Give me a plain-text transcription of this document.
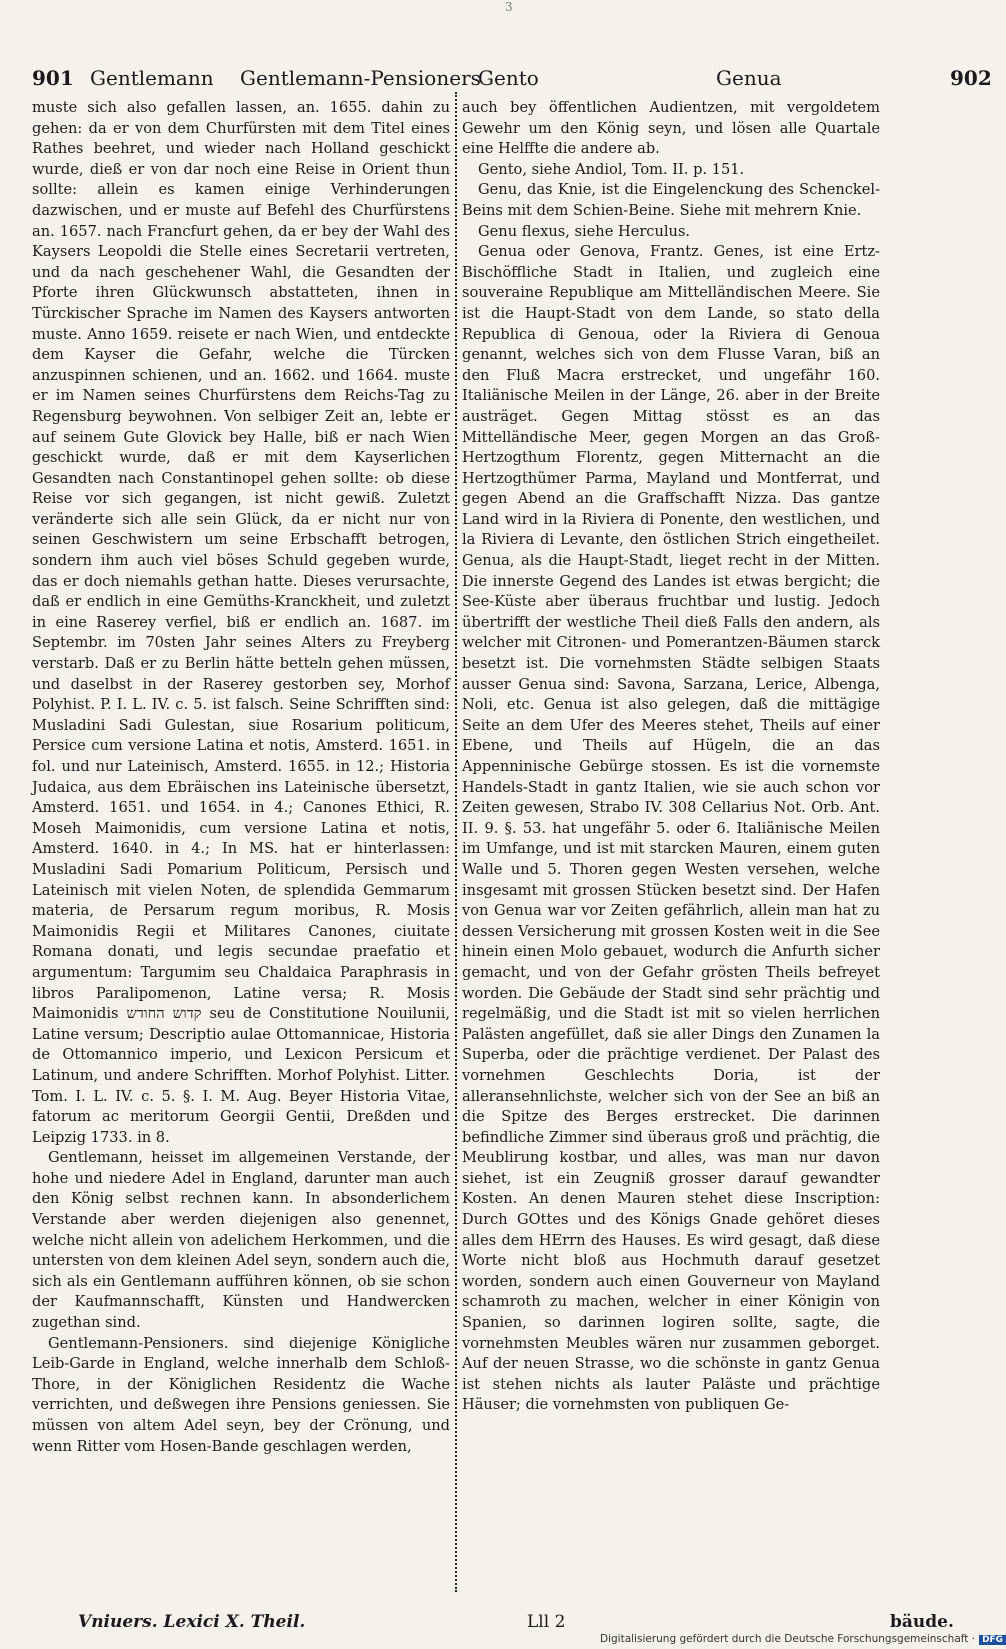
3
901 Gentlemann Gentlemann-Pensioners
Gento	Genua	902

muste sich also gefallen lassen, an. 1655. dahin zu gehen: da er von dem Churfürsten mit dem Titel eines Rathes beehret, und wieder nach Holland geschickt wurde, dieß er von dar noch eine Reise in Orient thun sollte: allein es kamen einige Verhinderungen dazwischen, und er muste auf Befehl des Churfürstens an. 1657. nach Francfurt gehen, da er bey der Wahl des Kaysers Leopoldi die Stelle eines Secretarii vertreten, und da nach geschehener Wahl, die Gesandten der Pforte ihren Glückwunsch abstatteten, ihnen in Türckischer Sprache im Namen des Kaysers antworten muste. Anno 1659. reisete er nach Wien, und entdeckte dem Kayser die Gefahr, welche die Türcken anzuspinnen schienen, und an. 1662. und 1664. muste er im Namen seines Churfürstens dem Reichs-Tag zu Regensburg beywohnen. Von selbiger Zeit an, lebte er auf seinem Gute Glovick bey Halle, biß er nach Wien geschickt wurde, daß er mit dem Kayserlichen Gesandten nach Constantinopel gehen sollte: ob diese Reise vor sich gegangen, ist nicht gewiß. Zuletzt veränderte sich alle sein Glück, da er nicht nur von seinen Geschwistern um seine Erbschafft betrogen, sondern ihm auch viel böses Schuld gegeben wurde, das er doch niemahls gethan hatte. Dieses verursachte, daß er endlich in eine Gemüths-Kranckheit, und zuletzt in eine Raserey verfiel, biß er endlich an. 1687. im Septembr. im 70sten Jahr seines Alters zu Freyberg verstarb. Daß er zu Berlin hätte betteln gehen müssen, und daselbst in der Raserey gestorben sey, Morhof Polyhist. P. I. L. IV. c. 5. ist falsch. Seine Schrifften sind: Musladini Sadi Gulestan, siue Rosarium politicum, Persice cum versione Latina et notis, Amsterd. 1651. in fol. und nur Lateinisch, Amsterd. 1655. in 12.; Historia Judaica, aus dem Ebräischen ins Lateinische übersetzt, Amsterd. 1651. und 1654. in 4.; Canones Ethici, R. Moseh Maimonidis, cum versione Latina et notis, Amsterd. 1640. in 4.; In MS. hat er hinterlassen: Musladini Sadi Pomarium Politicum, Persisch und Lateinisch mit vielen Noten, de splendida Gemmarum materia, de Persarum regum moribus, R. Mosis Maimonidis Regii et Militares Canones, ciuitate Romana donati, und legis secundae praefatio et argumentum: Targumim seu Chaldaica Paraphrasis in libros Paralipomenon, Latine versa; R. Mosis Maimonidis קדוש החודש seu de Constitutione Nouilunii, Latine versum; Descriptio aulae Ottomannicae, Historia de Ottomannico imperio, und Lexicon Persicum et Latinum, und andere Schrifften. Morhof Polyhist. Litter. Tom. I. L. IV. c. 5. §. I. M. Aug. Beyer Historia Vitae, fatorum ac meritorum Georgii Gentii, Dreßden und Leipzig 1733. in 8.

Gentlemann, heisset im allgemeinen Verstande, der hohe und niedere Adel in England, darunter man auch den König selbst rechnen kann. In absonderlichem Verstande aber werden diejenigen also genennet, welche nicht allein von adelichem Herkommen, und die untersten von dem kleinen Adel seyn, sondern auch die, sich als ein Gentlemann aufführen können, ob sie schon der Kaufmannschafft, Künsten und Handwercken zugethan sind.

Gentlemann-Pensioners. sind diejenige Königliche Leib-Garde in England, welche innerhalb dem Schloß-Thore, in der Königlichen Residentz die Wache verrichten, und deßwegen ihre Pensions geniessen. Sie müssen von altem Adel seyn, bey der Crönung, und wenn Ritter vom Hosen-Bande geschlagen werden,

auch bey öffentlichen Audientzen, mit vergoldetem Gewehr um den König seyn, und lösen alle Quartale eine Helffte die andere ab.

Gento, siehe Andiol, Tom. II. p. 151.

Genu, das Knie, ist die Eingelenckung des Schenckel-Beins mit dem Schien-Beine. Siehe mit mehrern Knie.

Genu flexus, siehe Herculus.

Genua oder Genova, Frantz. Genes, ist eine Ertz-Bischöffliche Stadt in Italien, und zugleich eine souveraine Republique am Mittelländischen Meere. Sie ist die Haupt-Stadt von dem Lande, so stato della Republica di Genoua, oder la Riviera di Genoua genannt, welches sich von dem Flusse Varan, biß an den Fluß Macra erstrecket, und ungefähr 160. Italiänische Meilen in der Länge, 26. aber in der Breite austräget. Gegen Mittag stösst es an das Mittelländische Meer, gegen Morgen an das Groß-Hertzogthum Florentz, gegen Mitternacht an die Hertzogthümer Parma, Mayland und Montferrat, und gegen Abend an die Graffschafft Nizza. Das gantze Land wird in la Riviera di Ponente, den westlichen, und la Riviera di Levante, den östlichen Strich eingetheilet. Genua, als die Haupt-Stadt, lieget recht in der Mitten. Die innerste Gegend des Landes ist etwas bergicht; die See-Küste aber überaus fruchtbar und lustig. Jedoch übertrifft der westliche Theil dieß Falls den andern, als welcher mit Citronen- und Pomerantzen-Bäumen starck besetzt ist. Die vornehmsten Städte selbigen Staats ausser Genua sind: Savona, Sarzana, Lerice, Albenga, Noli, etc. Genua ist also gelegen, daß die mittägige Seite an dem Ufer des Meeres stehet, Theils auf einer Ebene, und Theils auf Hügeln, die an das Appenninische Gebürge stossen. Es ist die vornemste Handels-Stadt in gantz Italien, wie sie auch schon vor Zeiten gewesen, Strabo IV. 308 Cellarius Not. Orb. Ant. II. 9. §. 53. hat ungefähr 5. oder 6. Italiänische Meilen im Umfange, und ist mit starcken Mauren, einem guten Walle und 5. Thoren gegen Westen versehen, welche insgesamt mit grossen Stücken besetzt sind. Der Hafen von Genua war vor Zeiten gefährlich, allein man hat zu dessen Versicherung mit grossen Kosten weit in die See hinein einen Molo gebauet, wodurch die Anfurth sicher gemacht, und von der Gefahr grösten Theils befreyet worden. Die Gebäude der Stadt sind sehr prächtig und regelmäßig, und die Stadt ist mit so vielen herrlichen Palästen angefüllet, daß sie aller Dings den Zunamen la Superba, oder die prächtige verdienet. Der Palast des vornehmen Geschlechts Doria, ist der alleransehnlichste, welcher sich von der See an biß an die Spitze des Berges erstrecket. Die darinnen befindliche Zimmer sind überaus groß und prächtig, die Meublirung kostbar, und alles, was man nur davon siehet, ist ein Zeugniß grosser darauf gewandter Kosten. An denen Mauren stehet diese Inscription: Durch GOttes und des Königs Gnade gehöret dieses alles dem HErrn des Hauses. Es wird gesagt, daß diese Worte nicht bloß aus Hochmuth darauf gesetzet worden, sondern auch einen Gouverneur von Mayland schamroth zu machen, welcher in einer Königin von Spanien, so darinnen logiren sollte, sagte, die vornehmsten Meubles wären nur zusammen geborget. Auf der neuen Strasse, wo die schönste in gantz Genua ist stehen nichts als lauter Paläste und prächtige Häuser; die vornehmsten von publiquen Ge-

Vniuers. Lexici X. Theil.	Lll 2	bäude.
Digitalisierung gefördert durch die Deutsche Forschungsgemeinschaft · DFG
